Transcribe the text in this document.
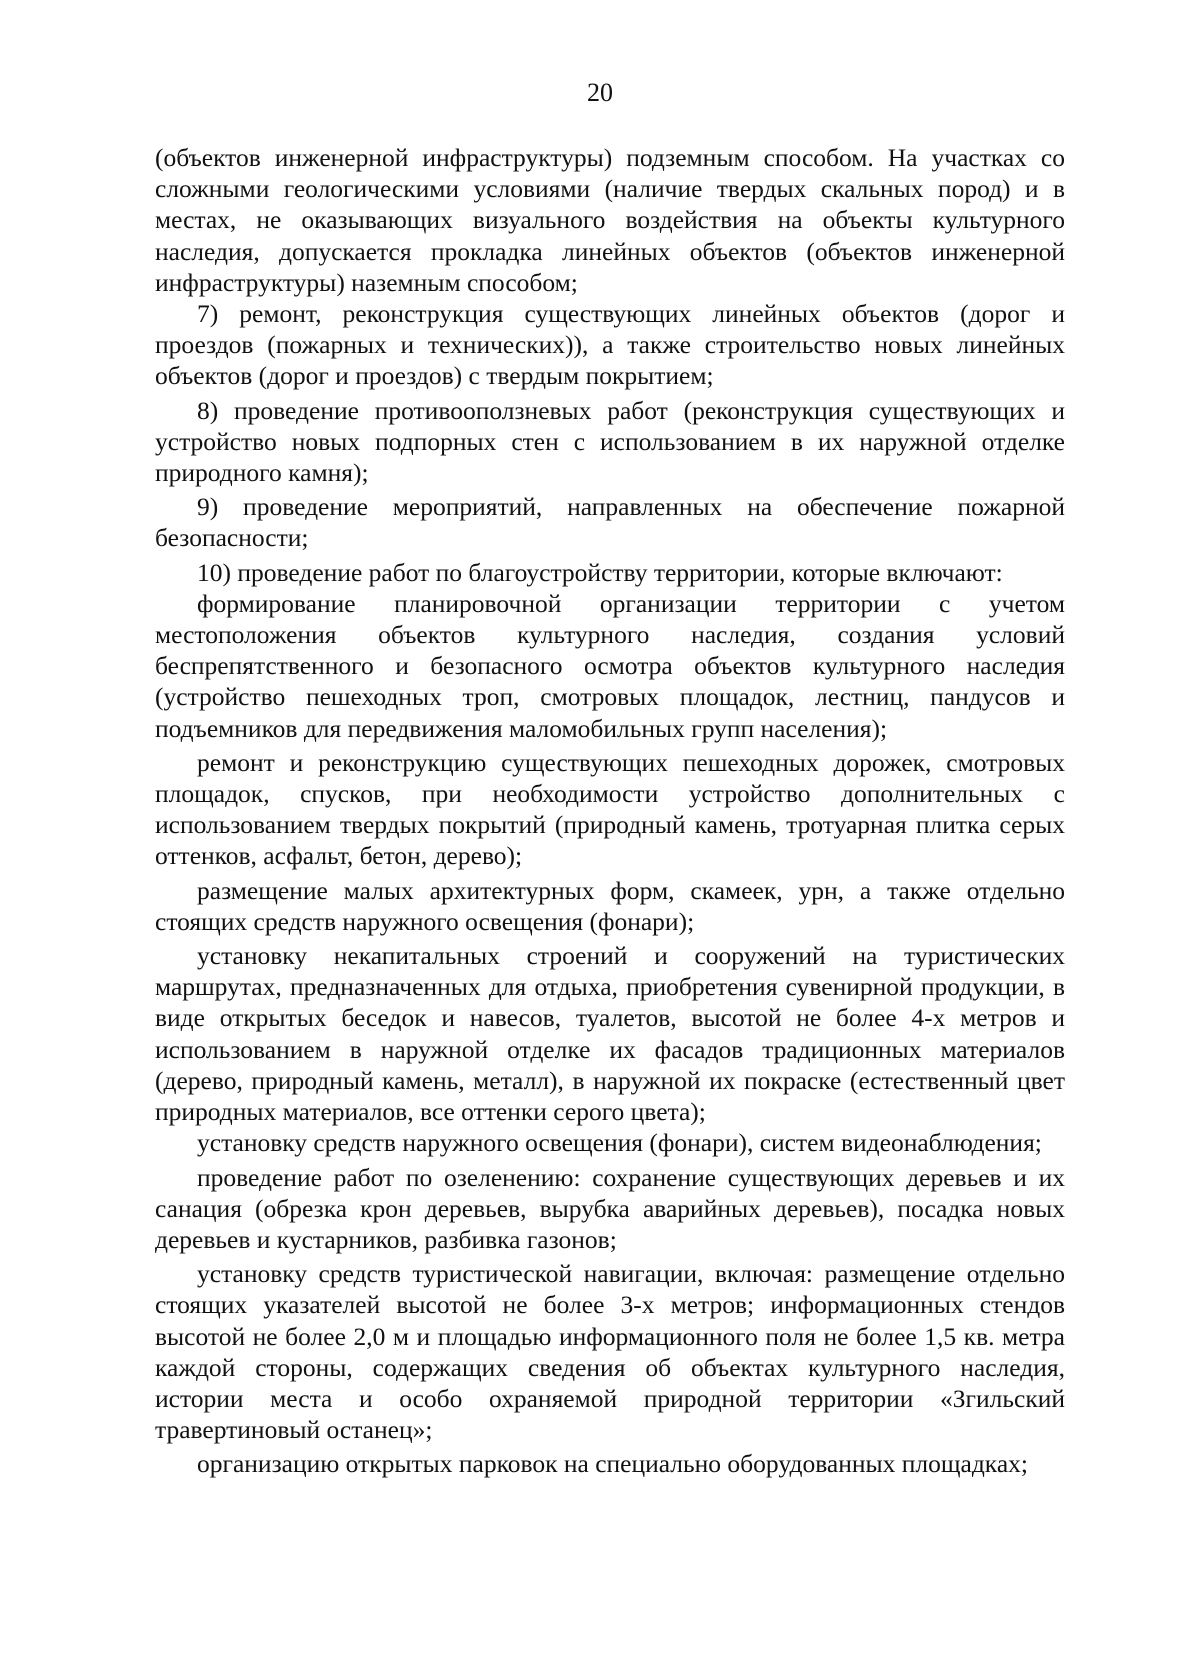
20

(объектов инженерной инфраструктуры) подземным способом. На участках со сложными геологическими условиями (наличие твердых скальных пород) и в местах, не оказывающих визуального воздействия на объекты культурного наследия, допускается прокладка линейных объектов (объектов инженерной инфраструктуры) наземным способом;

7) ремонт, реконструкция существующих линейных объектов (дорог и проездов (пожарных и технических)), а также строительство новых линейных объектов (дорог и проездов) с твердым покрытием;

8) проведение противооползневых работ (реконструкция существующих и устройство новых подпорных стен с использованием в их наружной отделке природного камня);

9) проведение мероприятий, направленных на обеспечение пожарной безопасности;

10) проведение работ по благоустройству территории, которые включают:

формирование планировочной организации территории с учетом местоположения объектов культурного наследия, создания условий беспрепятственного и безопасного осмотра объектов культурного наследия (устройство пешеходных троп, смотровых площадок, лестниц, пандусов и подъемников для передвижения маломобильных групп населения);

ремонт и реконструкцию существующих пешеходных дорожек, смотровых площадок, спусков, при необходимости устройство дополнительных с использованием твердых покрытий (природный камень, тротуарная плитка серых оттенков, асфальт, бетон, дерево);

размещение малых архитектурных форм, скамеек, урн, а также отдельно стоящих средств наружного освещения (фонари);

установку некапитальных строений и сооружений на туристических маршрутах, предназначенных для отдыха, приобретения сувенирной продукции, в виде открытых беседок и навесов, туалетов, высотой не более 4-х метров и использованием в наружной отделке их фасадов традиционных материалов (дерево, природный камень, металл), в наружной их покраске (естественный цвет природных материалов, все оттенки серого цвета);

установку средств наружного освещения (фонари), систем видеонаблюдения;

проведение работ по озеленению: сохранение существующих деревьев и их санация (обрезка крон деревьев, вырубка аварийных деревьев), посадка новых деревьев и кустарников, разбивка газонов;

установку средств туристической навигации, включая: размещение отдельно стоящих указателей высотой не более 3-х метров; информационных стендов высотой не более 2,0 м и площадью информационного поля не более 1,5 кв. метра каждой стороны, содержащих сведения об объектах культурного наследия, истории места и особо охраняемой природной территории «Згильский травертиновый останец»;

организацию открытых парковок на специально оборудованных площадках;
